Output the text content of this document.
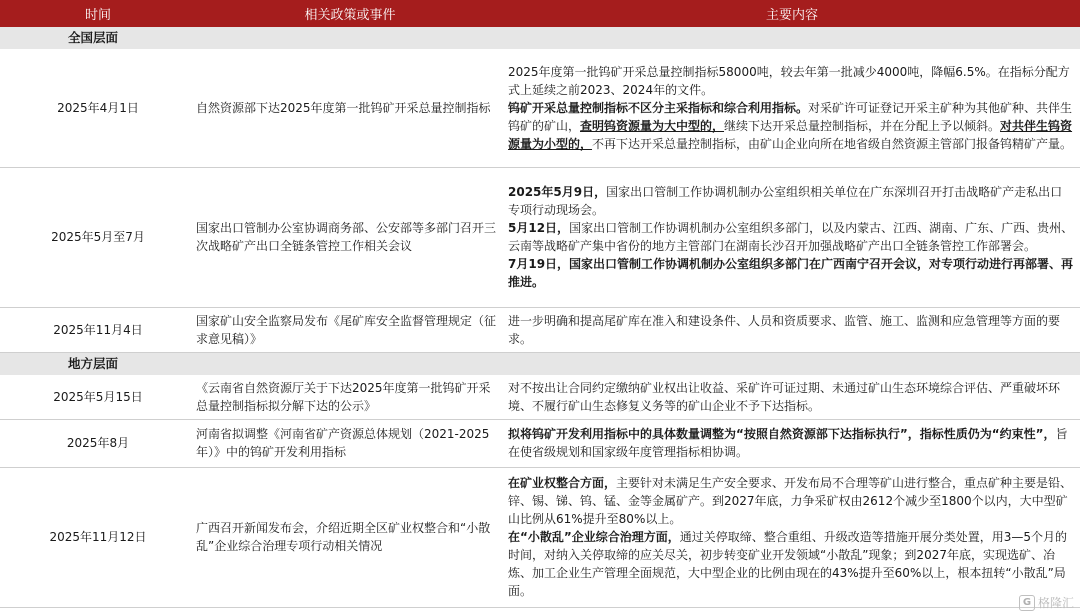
时间	相关政策或事件	主要内容
全国层面		
2025年4月1日	自然资源部下达2025年度第一批钨矿开采总量控制指标	2025年度第一批钨矿开采总量控制指标58000吨，较去年第一批减少4000吨，降幅6.5%。在指标分配方式上延续之前2023、2024年的文件。
钨矿开采总量控制指标不区分主采指标和综合利用指标。对采矿许可证登记开采主矿种为其他矿种、共伴生钨矿的矿山，查明钨资源量为大中型的，继续下达开采总量控制指标，并在分配上予以倾斜。对共伴生钨资源量为小型的，不再下达开采总量控制指标，由矿山企业向所在地省级自然资源主管部门报备钨精矿产量。

2025年5月至7月	国家出口管制办公室协调商务部、公安部等多部门召开三次战略矿产出口全链条管控工作相关会议	2025年5月9日，国家出口管制工作协调机制办公室组织相关单位在广东深圳召开打击战略矿产走私出口专项行动现场会。
5月12日，国家出口管制工作协调机制办公室组织多部门，以及内蒙古、江西、湖南、广东、广西、贵州、云南等战略矿产集中省份的地方主管部门在湖南长沙召开加强战略矿产出口全链条管控工作部署会。
7月19日，国家出口管制工作协调机制办公室组织多部门在广西南宁召开会议，对专项行动进行再部署、再推进。

2025年11月4日	国家矿山安全监察局发布《尾矿库安全监督管理规定（征求意见稿）》	进一步明确和提高尾矿库在准入和建设条件、人员和资质要求、监管、施工、监测和应急管理等方面的要求。

地方层面		
2025年5月15日	《云南省自然资源厅关于下达2025年度第一批钨矿开采总量控制指标拟分解下达的公示》	对不按出让合同约定缴纳矿业权出让收益、采矿许可证过期、未通过矿山生态环境综合评估、严重破坏环境、不履行矿山生态修复义务等的矿山企业不予下达指标。

2025年8月	河南省拟调整《河南省矿产资源总体规划（2021-2025年）》中的钨矿开发利用指标	拟将钨矿开发利用指标中的具体数量调整为“按照自然资源部下达指标执行”，指标性质仍为“约束性”，旨在使省级规划和国家级年度管理指标相协调。

2025年11月12日	广西召开新闻发布会，介绍近期全区矿业权整合和“小散乱”企业综合治理专项行动相关情况	在矿业权整合方面，主要针对未满足生产安全要求、开发布局不合理等矿山进行整合，重点矿种主要是铅、锌、锡、锑、钨、锰、金等金属矿产。到2027年底，力争采矿权由2612个减少至1800个以内，大中型矿山比例从61%提升至80%以上。
在“小散乱”企业综合治理方面，通过关停取缔、整合重组、升级改造等措施开展分类处置，用3—5个月的时间，对纳入关停取缔的应关尽关，初步转变矿业开发领域“小散乱”现象；到2027年底，实现选矿、冶炼、加工企业生产管理全面规范，大中型企业的比例由现在的43%提升至60%以上，根本扭转“小散乱”局面。
G 格隆汇
